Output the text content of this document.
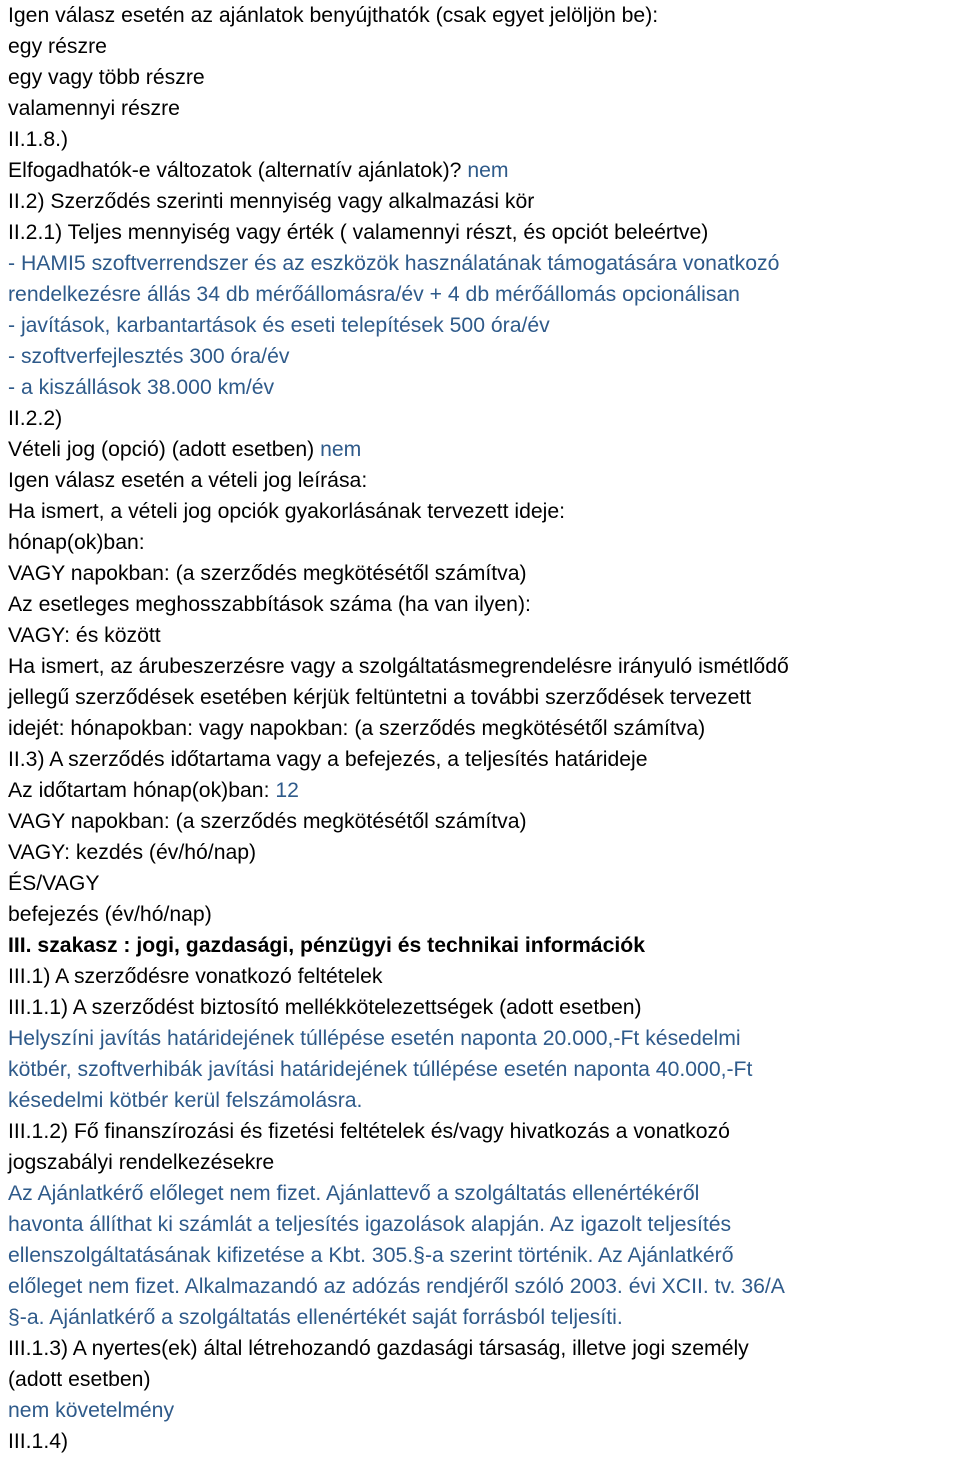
Igen válasz esetén az ajánlatok benyújthatók (csak egyet jelöljön be):
egy részre
egy vagy több részre
valamennyi részre
II.1.8.)
Elfogadhatók-e változatok (alternatív ajánlatok)? nem
II.2) Szerződés szerinti mennyiség vagy alkalmazási kör
II.2.1) Teljes mennyiség vagy érték ( valamennyi részt, és opciót beleértve)
- HAMI5 szoftverrendszer és az eszközök használatának támogatására vonatkozó
rendelkezésre állás 34 db mérőállomásra/év + 4 db mérőállomás opcionálisan
- javítások, karbantartások és eseti telepítések 500 óra/év
- szoftverfejlesztés 300 óra/év
- a kiszállások 38.000 km/év
II.2.2)
Vételi jog (opció) (adott esetben) nem
Igen válasz esetén a vételi jog leírása:
Ha ismert, a vételi jog opciók gyakorlásának tervezett ideje:
hónap(ok)ban:
VAGY napokban: (a szerződés megkötésétől számítva)
Az esetleges meghosszabbítások száma (ha van ilyen):
VAGY: és között
Ha ismert, az árubeszerzésre vagy a szolgáltatásmegrendelésre irányuló ismétlődő
jellegű szerződések esetében kérjük feltüntetni a további szerződések tervezett
idejét: hónapokban: vagy napokban: (a szerződés megkötésétől számítva)
II.3) A szerződés időtartama vagy a befejezés, a teljesítés határideje
Az időtartam hónap(ok)ban: 12
VAGY napokban: (a szerződés megkötésétől számítva)
VAGY: kezdés (év/hó/nap)
ÉS/VAGY
befejezés (év/hó/nap)
III. szakasz : jogi, gazdasági, pénzügyi és technikai információk
III.1) A szerződésre vonatkozó feltételek
III.1.1) A szerződést biztosító mellékkötelezettségek (adott esetben)
Helyszíni javítás határidejének túllépése esetén naponta 20.000,-Ft késedelmi
kötbér, szoftverhibák javítási határidejének túllépése esetén naponta 40.000,-Ft
késedelmi kötbér kerül felszámolásra.
III.1.2) Fő finanszírozási és fizetési feltételek és/vagy hivatkozás a vonatkozó
jogszabályi rendelkezésekre
Az Ajánlatkérő előleget nem fizet. Ajánlattevő a szolgáltatás ellenértékéről
havonta állíthat ki számlát a teljesítés igazolások alapján. Az igazolt teljesítés
ellenszolgáltatásának kifizetése a Kbt. 305.§-a szerint történik. Az Ajánlatkérő
előleget nem fizet. Alkalmazandó az adózás rendjéről szóló 2003. évi XCII. tv. 36/A
§-a. Ajánlatkérő a szolgáltatás ellenértékét saját forrásból teljesíti.
III.1.3) A nyertes(ek) által létrehozandó gazdasági társaság, illetve jogi személy
(adott esetben)
nem követelmény
III.1.4)
